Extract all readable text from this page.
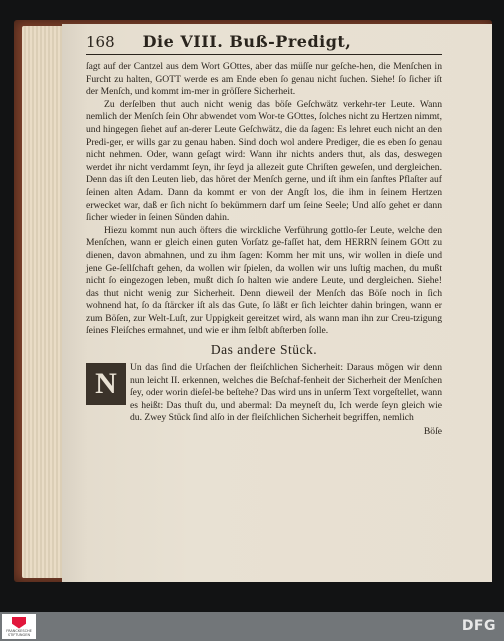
168 Die VIII. Buß-Predigt,

ſagt auf der Cantzel aus dem Wort GOttes, aber das müſſe nur geſche-hen, die Menſchen in Furcht zu halten, GOTT werde es am Ende eben ſo genau nicht ſuchen. Siehe! ſo ſicher iſt der Menſch, und kommt im-mer in gröſſere Sicherheit.

Zu derſelben thut auch nicht wenig das böſe Geſchwätz verkehr-ter Leute. Wann nemlich der Menſch ſein Ohr abwendet vom Wor-te GOttes, ſolches nicht zu Hertzen nimmt, und hingegen ſiehet auf an-derer Leute Geſchwätz, die da ſagen: Es lehret euch nicht an den Predi-ger, er wills gar zu genau haben. Sind doch wol andere Prediger, die es eben ſo genau nicht nehmen. Oder, wann geſagt wird: Wann ihr nichts anders thut, als das, deswegen werdet ihr nicht verdammt ſeyn, ihr ſeyd ja allezeit gute Chriſten geweſen, und dergleichen. Denn das iſt den Leuten lieb, das höret der Menſch gerne, und iſt ihm ein ſanftes Pflaſter auf ſeinen alten Adam. Dann da kommt er von der Angſt los, die ihm in ſeinem Hertzen erwecket war, daß er ſich nicht ſo bekümmern darf um ſeine Seele; Und alſo gehet er dann ſicher wieder in ſeinen Sünden dahin.

Hiezu kommt nun auch öfters die wirckliche Verführung gottlo-ſer Leute, welche den Menſchen, wann er gleich einen guten Vorſatz ge-faſſet hat, dem HERRN ſeinem GOtt zu dienen, davon abmahnen, und zu ihm ſagen: Komm her mit uns, wir wollen in dieſe und jene Ge-ſellſchaft gehen, da wollen wir ſpielen, da wollen wir uns luſtig machen, du mußt nicht ſo eingezogen leben, mußt dich ſo halten wie andere Leute, und dergleichen. Siehe! das thut nicht wenig zur Sicherheit. Denn dieweil der Menſch das Böſe noch in ſich wohnend hat, ſo da ſtärcker iſt als das Gute, ſo läßt er ſich leichter dahin bringen, wann er zum Böſen, zur Welt-Luſt, zur Uppigkeit gereitzet wird, als wann man ihn zur Creu-tzigung ſeines Fleiſches ermahnet, und wie er ihm ſelbſt abſterben ſolle.

Das andere Stück.
N	Un das ſind die Urſachen der fleiſchlichen Sicherheit: Daraus mögen wir denn nun leicht II. erkennen, welches die Beſchaf-fenheit der Sicherheit der Menſchen ſey, oder worin dieſel-be beſtehe? Das wird uns in unſerm Text vorgeſtellet, wann es heißt: Das thuſt du, und abermal: Da meyneſt du, Ich werde ſeyn gleich wie du. Zwey Stück ſind alſo in der fleiſchlichen Sicherheit begriffen, nemlich

Böſe
FRANCKESCHE
STIFTUNGEN
DFG
